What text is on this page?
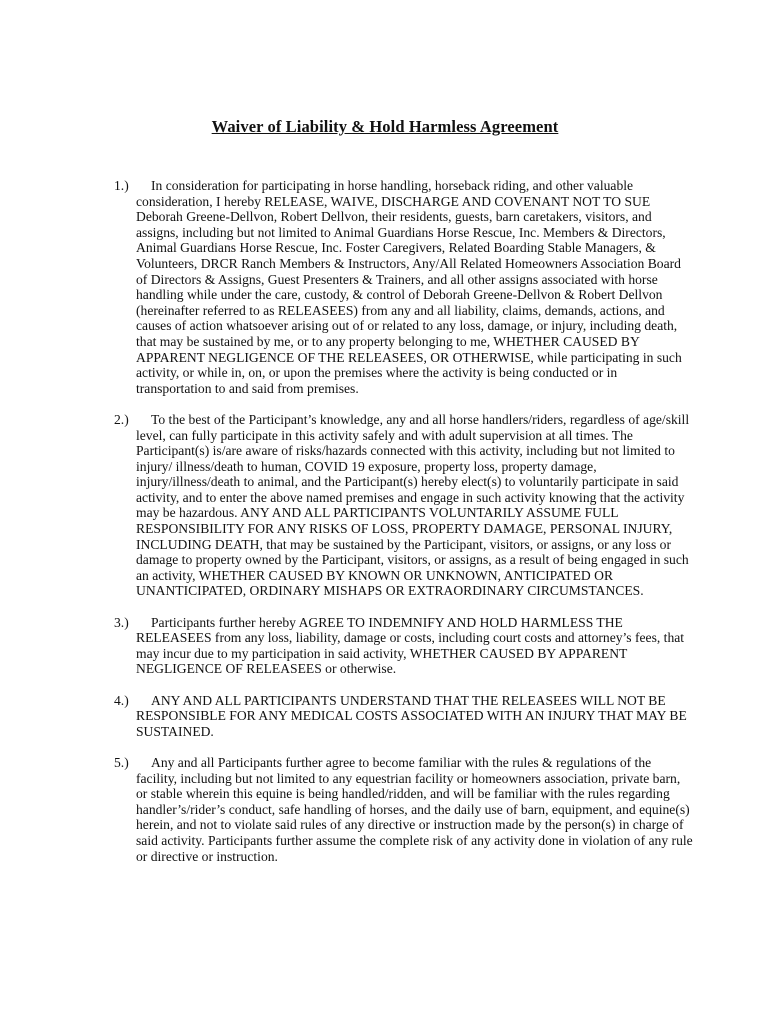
Waiver of Liability & Hold Harmless Agreement
1.)	In consideration for participating in horse handling, horseback riding, and other valuable consideration, I hereby RELEASE, WAIVE, DISCHARGE AND COVENANT NOT TO SUE Deborah Greene-Dellvon, Robert Dellvon, their residents, guests, barn caretakers, visitors, and assigns, including but not limited to Animal Guardians Horse Rescue, Inc. Members & Directors, Animal Guardians Horse Rescue, Inc. Foster Caregivers, Related Boarding Stable Managers, & Volunteers, DRCR Ranch Members & Instructors, Any/All Related Homeowners Association Board of Directors & Assigns, Guest Presenters & Trainers, and all other assigns associated with horse handling while under the care, custody, & control of Deborah Greene-Dellvon & Robert Dellvon (hereinafter referred to as RELEASEES) from any and all liability, claims, demands, actions, and causes of action whatsoever arising out of or related to any loss, damage, or injury, including death, that may be sustained by me, or to any property belonging to me, WHETHER CAUSED BY APPARENT NEGLIGENCE OF THE RELEASEES, OR OTHERWISE, while participating in such activity, or while in, on, or upon the premises where the activity is being conducted or in transportation to and said from premises.
2.)	To the best of the Participant’s knowledge, any and all horse handlers/riders, regardless of age/skill level, can fully participate in this activity safely and with adult supervision at all times. The Participant(s) is/are aware of risks/hazards connected with this activity, including but not limited to injury/ illness/death to human, COVID 19 exposure, property loss, property damage, injury/illness/death to animal, and the Participant(s) hereby elect(s) to voluntarily participate in said activity, and to enter the above named premises and engage in such activity knowing that the activity may be hazardous. ANY AND ALL PARTICIPANTS VOLUNTARILY ASSUME FULL RESPONSIBILITY FOR ANY RISKS OF LOSS, PROPERTY DAMAGE, PERSONAL INJURY, INCLUDING DEATH, that may be sustained by the Participant, visitors, or assigns, or any loss or damage to property owned by the Participant, visitors, or assigns, as a result of being engaged in such an activity, WHETHER CAUSED BY KNOWN OR UNKNOWN, ANTICIPATED OR UNANTICIPATED, ORDINARY MISHAPS OR EXTRAORDINARY CIRCUMSTANCES.
3.)	Participants further hereby AGREE TO INDEMNIFY AND HOLD HARMLESS THE RELEASEES from any loss, liability, damage or costs, including court costs and attorney’s fees, that may incur due to my participation in said activity, WHETHER CAUSED BY APPARENT NEGLIGENCE OF RELEASEES or otherwise.
4.)	ANY AND ALL PARTICIPANTS UNDERSTAND THAT THE RELEASEES WILL NOT BE RESPONSIBLE FOR ANY MEDICAL COSTS ASSOCIATED WITH AN INJURY THAT MAY BE SUSTAINED.
5.)	Any and all Participants further agree to become familiar with the rules & regulations of the facility, including but not limited to any equestrian facility or homeowners association, private barn, or stable wherein this equine is being handled/ridden, and will be familiar with the rules regarding handler’s/rider’s conduct, safe handling of horses, and the daily use of barn, equipment, and equine(s) herein, and not to violate said rules of any directive or instruction made by the person(s) in charge of said activity. Participants further assume the complete risk of any activity done in violation of any rule or directive or instruction.
